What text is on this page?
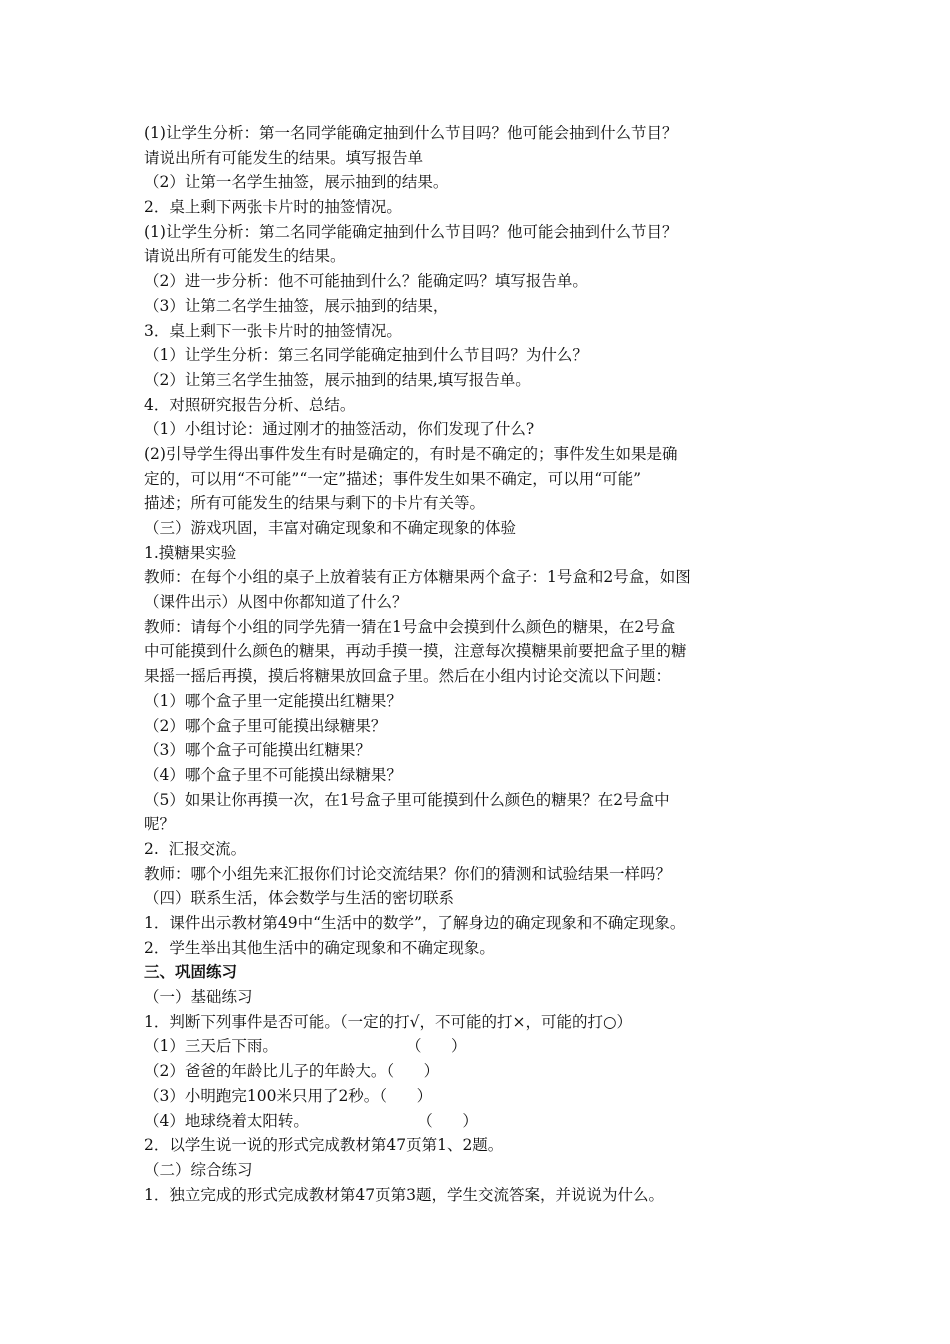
(1)让学生分析：第一名同学能确定抽到什么节目吗？他可能会抽到什么节目？
请说出所有可能发生的结果。填写报告单
（2）让第一名学生抽签，展示抽到的结果。
2．桌上剩下两张卡片时的抽签情况。
(1)让学生分析：第二名同学能确定抽到什么节目吗？他可能会抽到什么节目？
请说出所有可能发生的结果。
（2）进一步分析：他不可能抽到什么？能确定吗？填写报告单。
（3）让第二名学生抽签，展示抽到的结果，
3．桌上剩下一张卡片时的抽签情况。
（1）让学生分析：第三名同学能确定抽到什么节目吗？为什么？
（2）让第三名学生抽签，展示抽到的结果,填写报告单。
4．对照研究报告分析、总结。
（1）小组讨论：通过刚才的抽签活动，你们发现了什么?
(2)引导学生得出事件发生有时是确定的，有时是不确定的；事件发生如果是确
定的，可以用“不可能”“一定”描述；事件发生如果不确定，可以用“可能”
描述；所有可能发生的结果与剩下的卡片有关等。
（三）游戏巩固，丰富对确定现象和不确定现象的体验
1.摸糖果实验
教师：在每个小组的桌子上放着装有正方体糖果两个盒子：1号盒和2号盒，如图
（课件出示）从图中你都知道了什么？
教师：请每个小组的同学先猜一猜在1号盒中会摸到什么颜色的糖果，在2号盒
中可能摸到什么颜色的糖果，再动手摸一摸，注意每次摸糖果前要把盒子里的糖
果摇一摇后再摸，摸后将糖果放回盒子里。然后在小组内讨论交流以下问题：
（1）哪个盒子里一定能摸出红糖果？
（2）哪个盒子里可能摸出绿糖果？
（3）哪个盒子可能摸出红糖果？
（4）哪个盒子里不可能摸出绿糖果？
（5）如果让你再摸一次，在1号盒子里可能摸到什么颜色的糖果？在2号盒中
呢？
2.  汇报交流。
教师：哪个小组先来汇报你们讨论交流结果？你们的猜测和试验结果一样吗？
（四）联系生活，体会数学与生活的密切联系
1．课件出示教材第49中“生活中的数学”，了解身边的确定现象和不确定现象。
2．学生举出其他生活中的确定现象和不确定现象。
三、巩固练习
（一）基础练习
1．判断下列事件是否可能。（一定的打√，不可能的打×，可能的打○）
（1）三天后下雨。                          （      ）
（2）爸爸的年龄比儿子的年龄大。（      ）
（3）小明跑完100米只用了2秒。（      ）
（4）地球绕着太阳转。                      （      ）
2．以学生说一说的形式完成教材第47页第1、2题。
（二）综合练习
1．独立完成的形式完成教材第47页第3题，学生交流答案，并说说为什么。
